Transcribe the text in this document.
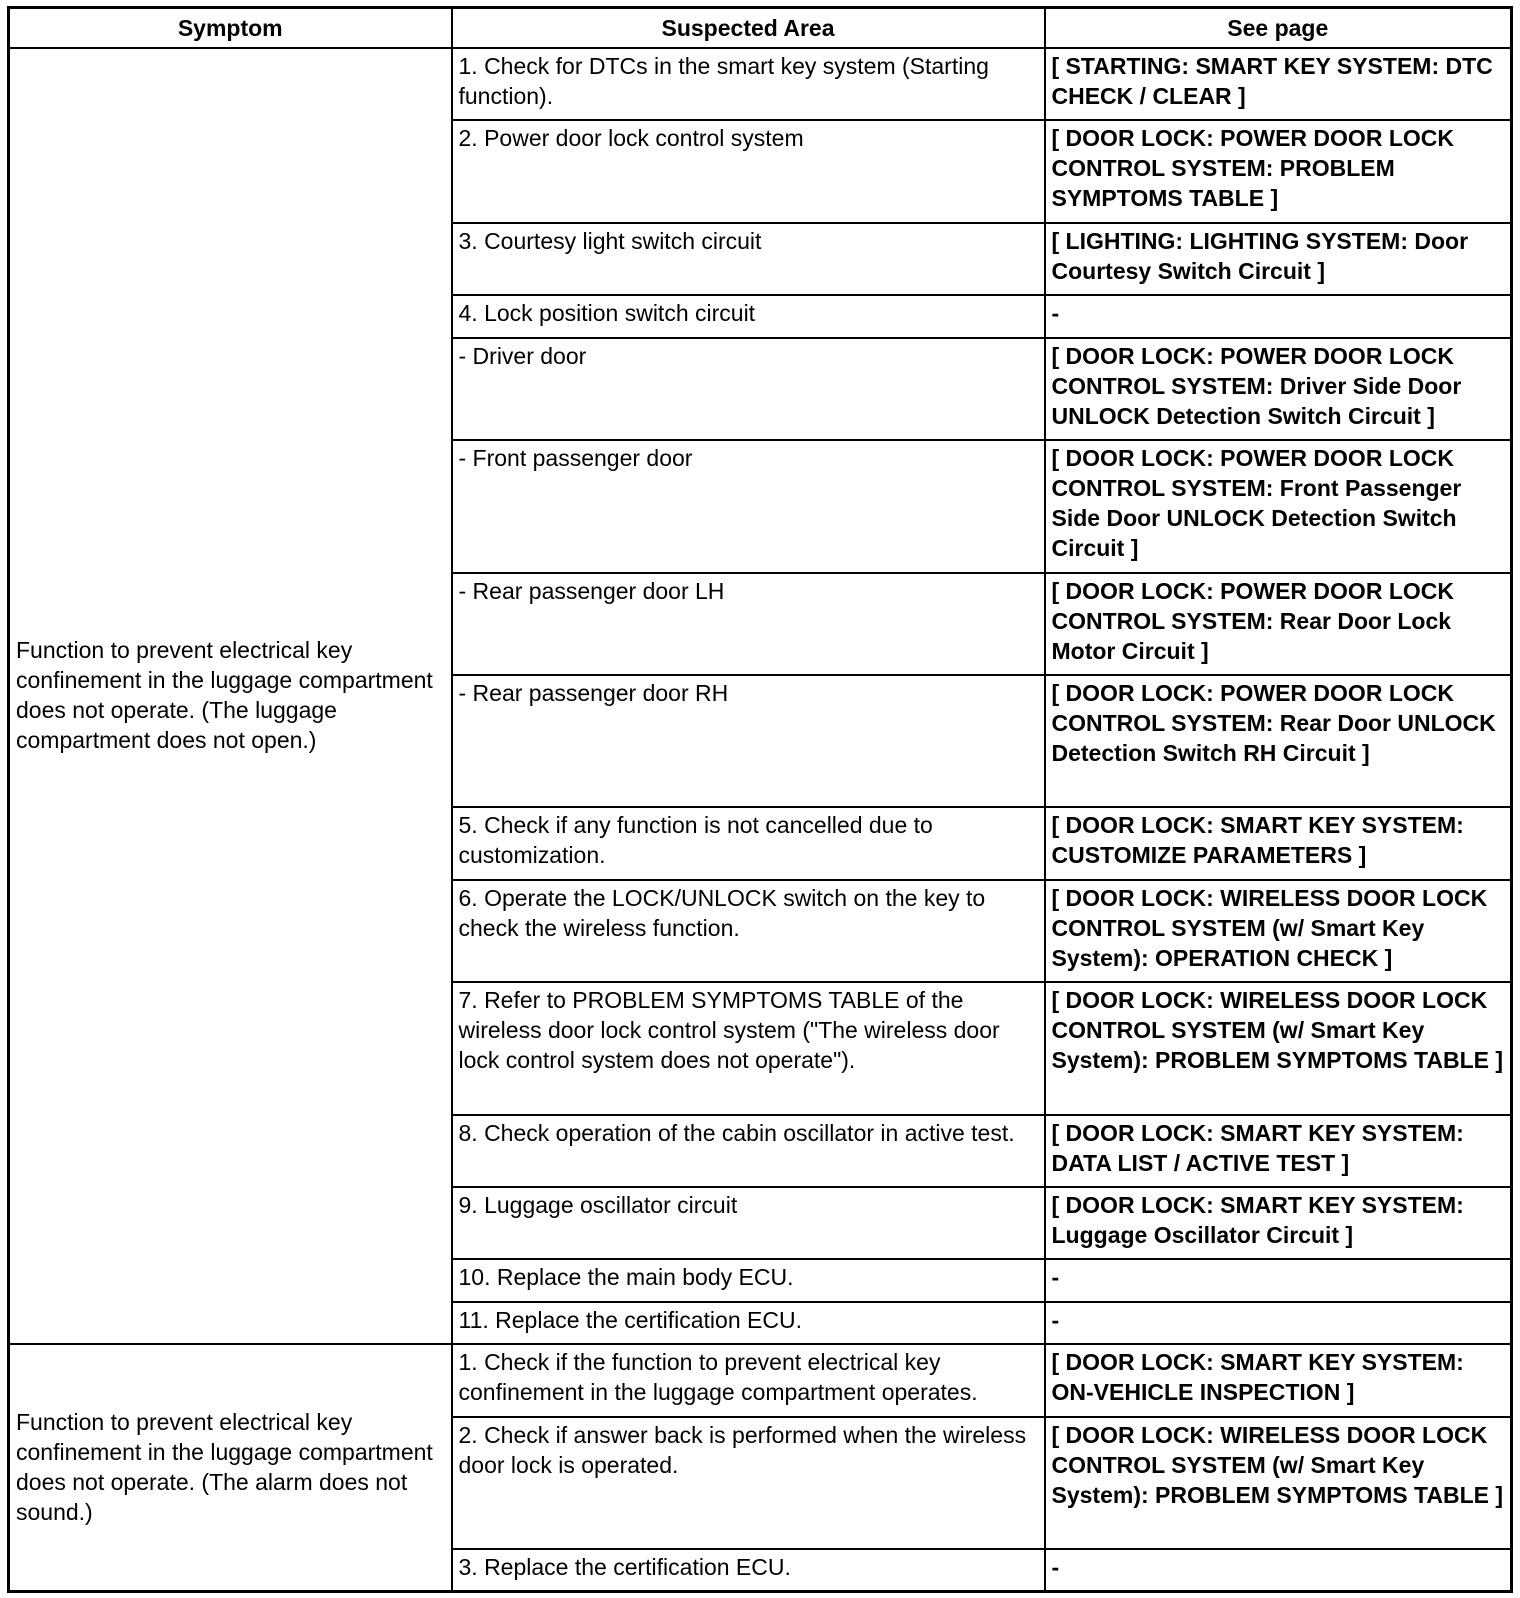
Symptom	Suspected Area	See page
Function to prevent electrical key confinement in the luggage compartment does not operate. (The luggage compartment does not open.)	1. Check for DTCs in the smart key system (Starting function).	[ STARTING: SMART KEY SYSTEM: DTC CHECK / CLEAR ]
	2. Power door lock control system	[ DOOR LOCK: POWER DOOR LOCK CONTROL SYSTEM: PROBLEM SYMPTOMS TABLE ]
	3. Courtesy light switch circuit	[ LIGHTING: LIGHTING SYSTEM: Door Courtesy Switch Circuit ]
	4. Lock position switch circuit	-
	- Driver door	[ DOOR LOCK: POWER DOOR LOCK CONTROL SYSTEM: Driver Side Door UNLOCK Detection Switch Circuit ]
	- Front passenger door	[ DOOR LOCK: POWER DOOR LOCK CONTROL SYSTEM: Front Passenger Side Door UNLOCK Detection Switch Circuit ]
	- Rear passenger door LH	[ DOOR LOCK: POWER DOOR LOCK CONTROL SYSTEM: Rear Door Lock Motor Circuit ]
	- Rear passenger door RH	[ DOOR LOCK: POWER DOOR LOCK CONTROL SYSTEM: Rear Door UNLOCK Detection Switch RH Circuit ]
	5. Check if any function is not cancelled due to customization.	[ DOOR LOCK: SMART KEY SYSTEM: CUSTOMIZE PARAMETERS ]
	6. Operate the LOCK/UNLOCK switch on the key to check the wireless function.	[ DOOR LOCK: WIRELESS DOOR LOCK CONTROL SYSTEM (w/ Smart Key System): OPERATION CHECK ]
	7. Refer to PROBLEM SYMPTOMS TABLE of the wireless door lock control system ("The wireless door lock control system does not operate").	[ DOOR LOCK: WIRELESS DOOR LOCK CONTROL SYSTEM (w/ Smart Key System): PROBLEM SYMPTOMS TABLE ]
	8. Check operation of the cabin oscillator in active test.	[ DOOR LOCK: SMART KEY SYSTEM: DATA LIST / ACTIVE TEST ]
	9. Luggage oscillator circuit	[ DOOR LOCK: SMART KEY SYSTEM: Luggage Oscillator Circuit ]
	10. Replace the main body ECU.	-
	11. Replace the certification ECU.	-
Function to prevent electrical key confinement in the luggage compartment does not operate. (The alarm does not sound.)	1. Check if the function to prevent electrical key confinement in the luggage compartment operates.	[ DOOR LOCK: SMART KEY SYSTEM: ON-VEHICLE INSPECTION ]
	2. Check if answer back is performed when the wireless door lock is operated.	[ DOOR LOCK: WIRELESS DOOR LOCK CONTROL SYSTEM (w/ Smart Key System): PROBLEM SYMPTOMS TABLE ]
	3. Replace the certification ECU.	-
